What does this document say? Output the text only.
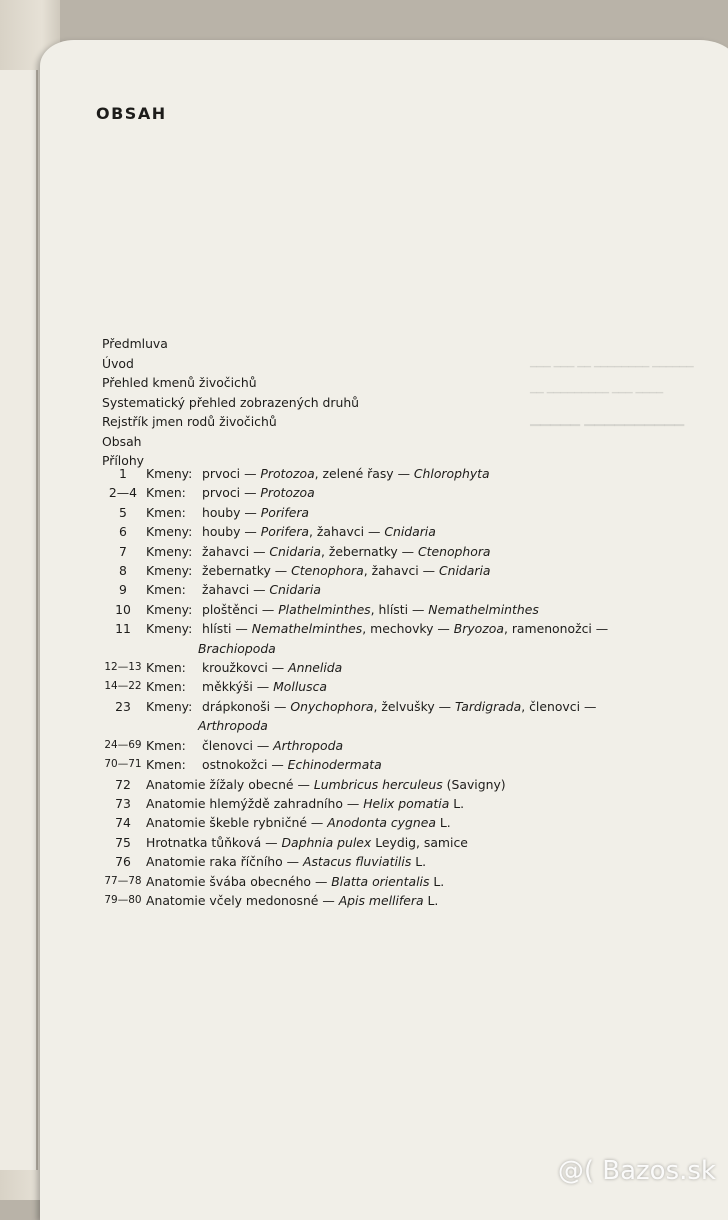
▁▁▁ ▁▁▁ ▁▁ ▁▁▁▁▁▁▁▁ ▁▁▁▁▁▁
▁▁ ▁▁▁▁▁▁▁▁▁ ▁▁▁ ▁▁▁▁
▁▁▁▁▁ ▁▁▁▁▁▁▁▁▁▁
OBSAH
Předmluva
Úvod
Přehled kmenů živočichů
Systematický přehled zobrazených druhů
Rejstřík jmen rodů živočichů
Obsah
Přílohy
1	Kmeny: prvoci — Protozoa, zelené řasy — Chlorophyta
2—4 Kmen: prvoci — Protozoa
5	Kmen: houby — Porifera
6	Kmeny: houby — Porifera, žahavci — Cnidaria
7	Kmeny: žahavci — Cnidaria, žebernatky — Ctenophora
8	Kmeny: žebernatky — Ctenophora, žahavci — Cnidaria
9	Kmen: žahavci — Cnidaria
10	Kmeny: ploštěnci — Plathelminthes, hlísti — Nemathelminthes
11	Kmeny: hlísti — Nemathelminthes, mechovky — Bryozoa, ramenonožci —
Brachiopoda
12—13 Kmen: kroužkovci — Annelida
14—22 Kmen: měkkýši — Mollusca
23	Kmeny: drápkonoši — Onychophora, želvušky — Tardigrada, členovci —
Arthropoda
24—69 Kmen: členovci — Arthropoda
70—71 Kmen: ostnokožci — Echinodermata
72	Anatomie žížaly obecné — Lumbricus herculeus (Savigny)
73	Anatomie hlemýždě zahradního — Helix pomatia L.
74	Anatomie škeble rybničné — Anodonta cygnea L.
75	Hrotnatka tůňková — Daphnia pulex Leydig, samice
76	Anatomie raka říčního — Astacus fluviatilis L.
77—78 Anatomie švába obecného — Blatta orientalis L.
79—80 Anatomie včely medonosné — Apis mellifera L.
@( Bazos.sk
